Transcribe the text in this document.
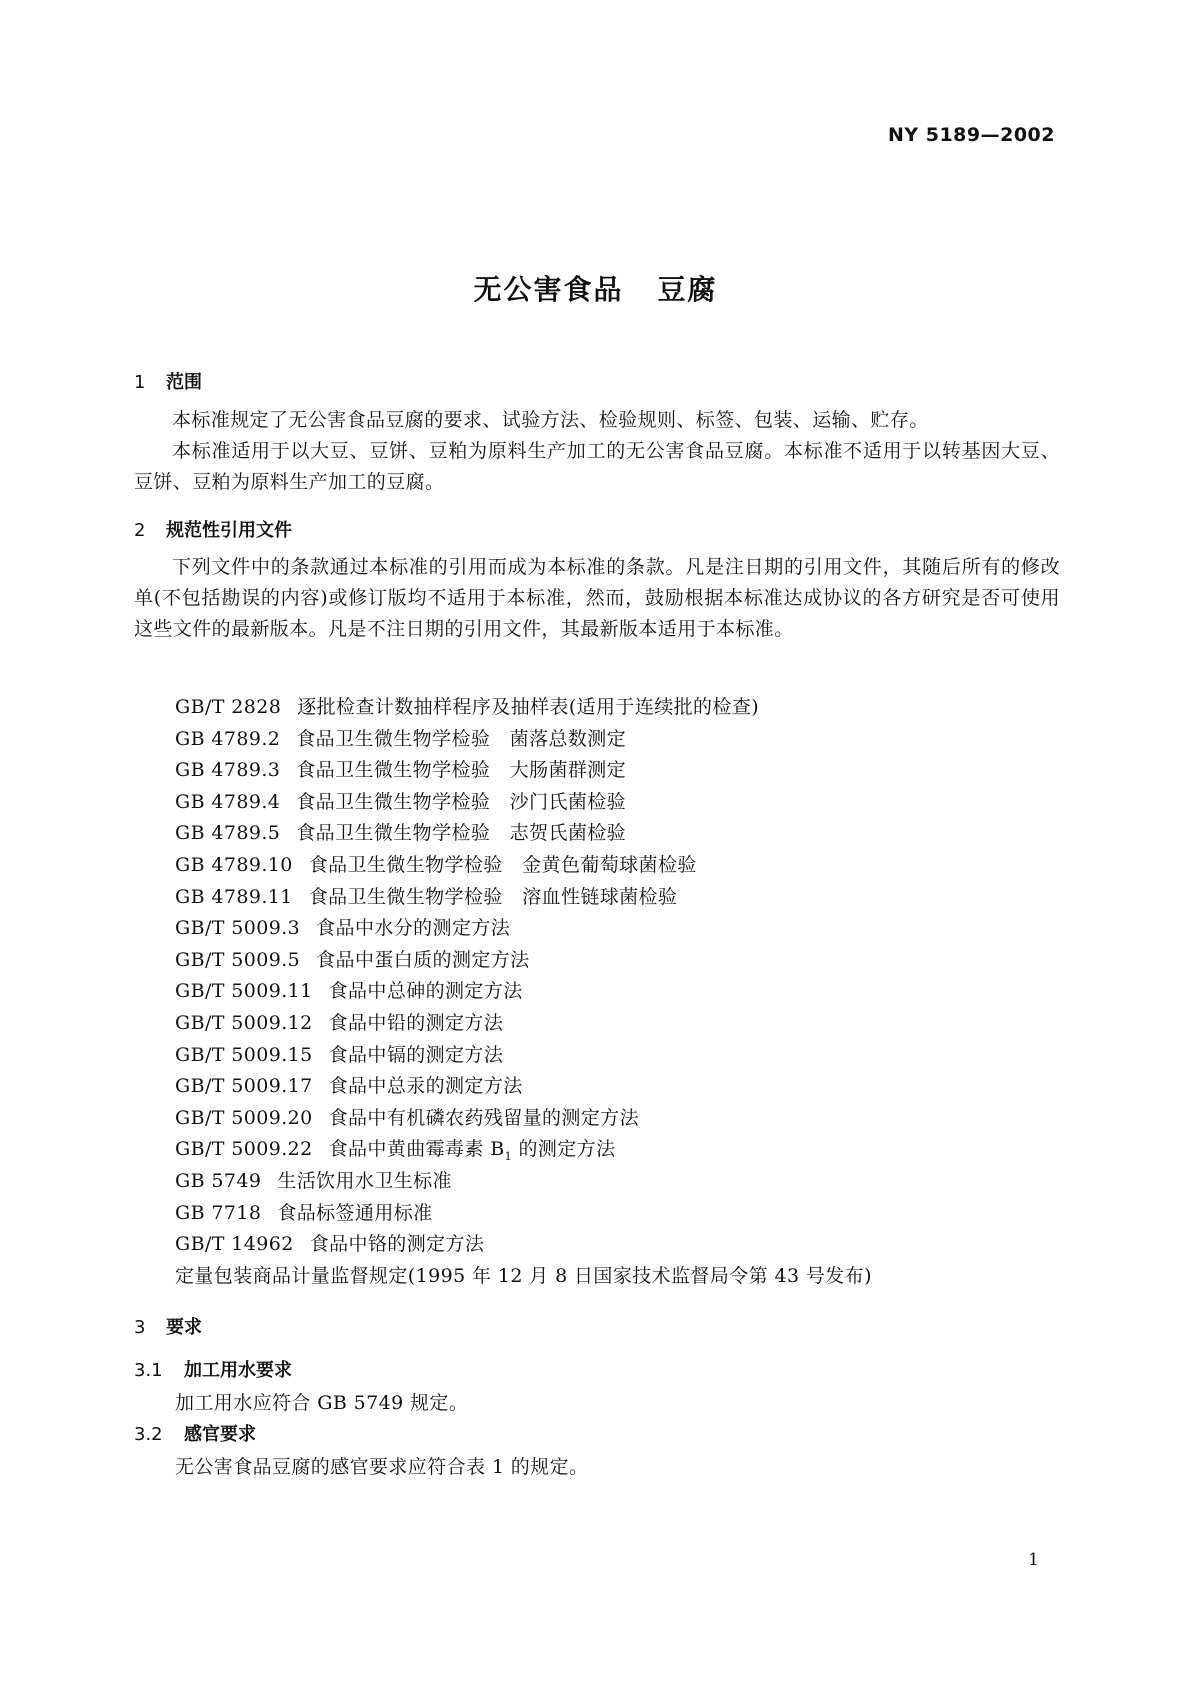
NY 5189—2002
无公害食品 豆腐
1 范围
本标准规定了无公害食品豆腐的要求、试验方法、检验规则、标签、包装、运输、贮存。
本标准适用于以大豆、豆饼、豆粕为原料生产加工的无公害食品豆腐。本标准不适用于以转基因大豆、豆饼、豆粕为原料生产加工的豆腐。
2 规范性引用文件
下列文件中的条款通过本标准的引用而成为本标准的条款。凡是注日期的引用文件，其随后所有的修改单(不包括勘误的内容)或修订版均不适用于本标准，然而，鼓励根据本标准达成协议的各方研究是否可使用这些文件的最新版本。凡是不注日期的引用文件，其最新版本适用于本标准。
GB/T 2828 逐批检查计数抽样程序及抽样表(适用于连续批的检查)
GB 4789.2 食品卫生微生物学检验　菌落总数测定
GB 4789.3 食品卫生微生物学检验　大肠菌群测定
GB 4789.4 食品卫生微生物学检验　沙门氏菌检验
GB 4789.5 食品卫生微生物学检验　志贺氏菌检验
GB 4789.10 食品卫生微生物学检验　金黄色葡萄球菌检验
GB 4789.11 食品卫生微生物学检验　溶血性链球菌检验
GB/T 5009.3 食品中水分的测定方法
GB/T 5009.5 食品中蛋白质的测定方法
GB/T 5009.11 食品中总砷的测定方法
GB/T 5009.12 食品中铅的测定方法
GB/T 5009.15 食品中镉的测定方法
GB/T 5009.17 食品中总汞的测定方法
GB/T 5009.20 食品中有机磷农药残留量的测定方法
GB/T 5009.22 食品中黄曲霉毒素 $B_1$ 的测定方法
GB 5749 生活饮用水卫生标准
GB 7718 食品标签通用标准
GB/T 14962 食品中铬的测定方法
定量包装商品计量监督规定(1995 年 12 月 8 日国家技术监督局令第 43 号发布)
3 要求
3.1 加工用水要求
加工用水应符合 GB 5749 规定。
3.2 感官要求
无公害食品豆腐的感官要求应符合表 1 的规定。
1
